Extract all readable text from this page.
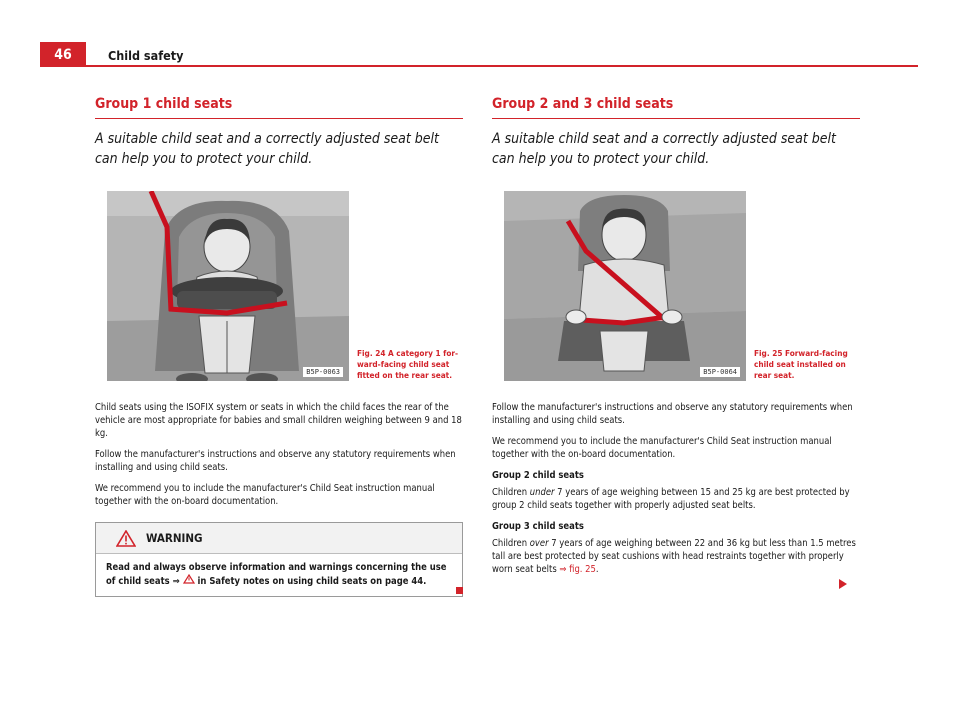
46	Child safety
Group 1 child seats
A suitable child seat and a correctly adjusted seat belt can help you to protect your child.
B5P-0063
Fig. 24 A category 1 forward-facing child seat fitted on the rear seat.

Child seats using the ISOFIX system or seats in which the child faces the rear of the vehicle are most appropriate for babies and small children weighing between 9 and 18 kg.

Follow the manufacturer's instructions and observe any statutory requirements when installing and using child seats.

We recommend you to include the manufacturer's Child Seat instruction manual together with the on-board documentation.

WARNING
Read and always observe information and warnings concerning the use of child seats ⇒  in Safety notes on using child seats on page 44.
Group 2 and 3 child seats
A suitable child seat and a correctly adjusted seat belt can help you to protect your child.
B5P-0064
Fig. 25 Forward-facing child seat installed on rear seat.

Follow the manufacturer's instructions and observe any statutory requirements when installing and using child seats.

We recommend you to include the manufacturer's Child Seat instruction manual together with the on-board documentation.

Group 2 child seats

Children under 7 years of age weighing between 15 and 25 kg are best protected by group 2 child seats together with properly adjusted seat belts.

Group 3 child seats

Children over 7 years of age weighing between 22 and 36 kg but less than 1.5 metres tall are best protected by seat cushions with head restraints together with properly worn seat belts ⇒ fig. 25.
